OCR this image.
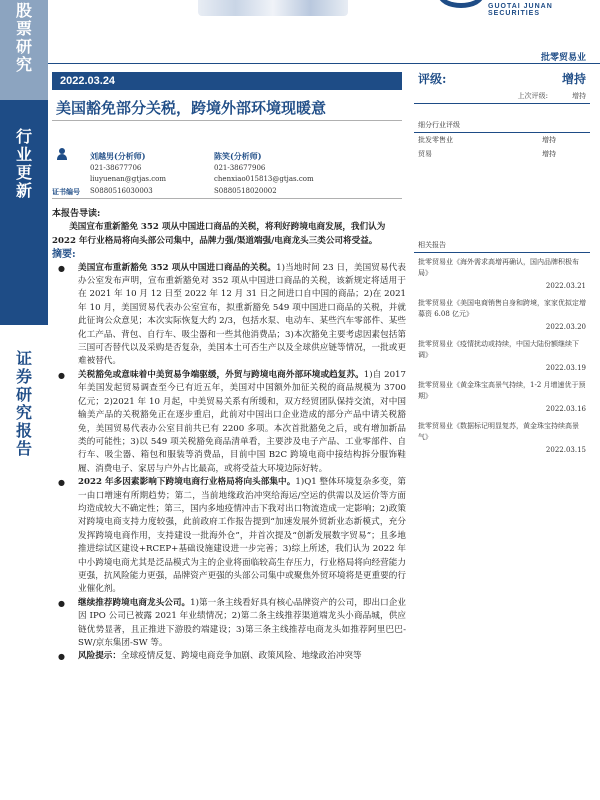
股
票
研
究
行
业
更
新
证
券
研
究
报
告
GUOTAI JUNAN SECURITIES
批零贸易业
2022.03.24
美国豁免部分关税，跨境外部环境现暖意
评级:	增持
上次评级:	增持
细分行业评级
批发零售业	增持
贸易	增持
刘越男(分析师)
021-38677706
liuyuenan@gtjas.com
S0880516030003
陈笑(分析师)
021-38677906
chenxiao015813@gtjas.com
S0880518020002
证书编号
本报告导读:
美国宣布重新豁免 352 项从中国进口商品的关税，将利好跨境电商发展，我们认为 2022 年行业格局将向头部公司集中，品牌力强/渠道端强/电商龙头三类公司将受益。
摘要:
● 美国宣布重新豁免 352 项从中国进口商品的关税。1)当地时间 23 日，美国贸易代表办公室发布声明，宣布重新豁免对 352 项从中国进口商品的关税，该新规定将适用于在 2021 年 10 月 12 日至 2022 年 12 月 31 日之间进口自中国的商品；2)在 2021 年 10 月，美国贸易代表办公室宣布，拟重新豁免 549 项中国进口商品的关税，并就此征询公众意见；本次实际恢复大约 2/3，包括水泵、电动车、某些汽车零部件、某些化工产品、背包、自行车、吸尘器和一些其他消费品；3)本次豁免主要考虑因素包括第三国可否替代以及采购是否复杂，美国本土可否生产以及全球供应链等情况，一批或更难被替代。
● 关税豁免或意味着中美贸易争端驱缓，外贸与跨境电商外部环境或趋复苏。1)自 2017 年美国发起贸易调查至今已有近五年，美国对中国额外加征关税的商品规模为 3700 亿元；2)2021 年 10 月起，中美贸易关系有所缓和，双方经贸团队保持交流，对中国输美产品的关税豁免正在逐步重启，此前对中国出口企业造成的部分产品中请关税豁免，美国贸易代表办公室目前共已有 2200 多项。本次首批豁免之后，或有增加新品类的可能性；3)以 549 项关税豁免商品清单看，主要涉及电子产品、工业零部件、自行车、吸尘器、箱包和服装等消费品，目前中国 B2C 跨境电商中接结构拆分服饰鞋履、消费电子、家居与户外占比最高，或将受益大环境边际好转。
● 2022 年多因素影响下跨境电商行业格局将向头部集中。1)Q1 整体环境复杂多变，第一由口增速有所期趋势；第二，当前地缘政治冲突给海运/空运的供需以及运价等方面均造成较大不确定性；第三，国内多地疫情冲击下我对出口物流造成一定影响；2)政策对跨境电商支持力度较强，此前政府工作报告提到“加速发展外贸新业态新模式，充分发挥跨境电商作用，支持建设一批海外仓”，并首次提及“创新发展数字贸易”；且多地推进综试区建设+RCEP+基础设施建设进一步完善；3)综上所述，我们认为 2022 年中小跨境电商尤其是泛品模式为主的企业将面临较高生存压力，行业格局将向经营能力更强，抗风险能力更强，品牌资产更强的头部公司集中或聚焦外贸环境将是更重要的行业催化剂。
● 继续推荐跨境电商龙头公司。1)第一条主线看好具有核心品牌资产的公司，即出口企业因 IPO 公司已被露 2021 年业绩情况；2)第二条主线推荐渠道端龙头小商品城，供应链优势显著，且正推进下游股约端建设；3)第三条主线推荐电商龙头如推荐阿里巴巴-SW/京东集团-SW 等。
● 风险提示：全球疫情反复、跨境电商竞争加剧、政策风险、地缘政治冲突等
相关报告
批零贸易业《海外需求高增再确认，国内品牌积极布局》
2022.03.21
批零贸易业《美国电商销售自身和跨境，家家优拟定增募资 6.08 亿元》
2022.03.20
批零贸易业《疫情扰动或持续，中国大陆份额继续下调》
2022.03.19
批零贸易业《黄金珠宝高景气持续，1-2 月增速优于预期》
2022.03.16
批零贸易业《数据标记明显复苏，黄金珠宝持续高景气》
2022.03.15
